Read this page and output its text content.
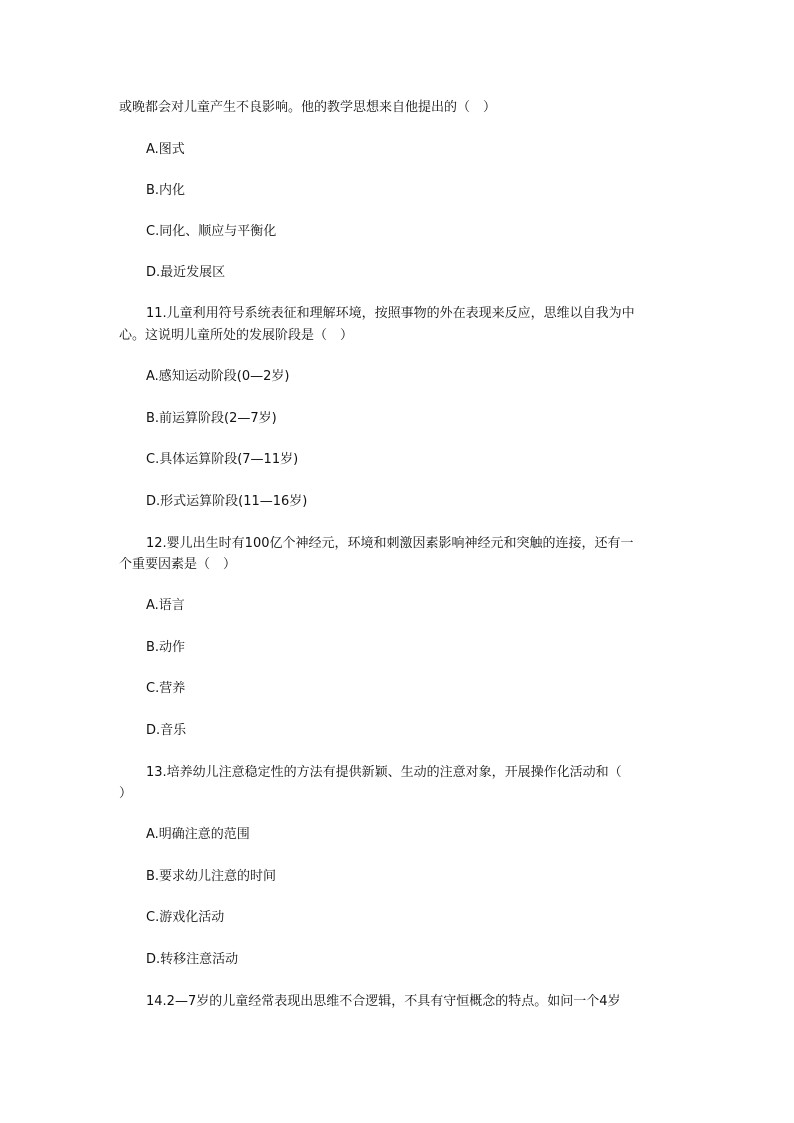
或晚都会对儿童产生不良影响。他的教学思想来自他提出的（　）
A.图式
B.内化
C.同化、顺应与平衡化
D.最近发展区
11.儿童利用符号系统表征和理解环境，按照事物的外在表现来反应，思维以自我为中
心。这说明儿童所处的发展阶段是（　）
A.感知运动阶段(0—2岁)
B.前运算阶段(2—7岁)
C.具体运算阶段(7—11岁)
D.形式运算阶段(11—16岁)
12.婴儿出生时有100亿个神经元，环境和刺激因素影响神经元和突触的连接，还有一
个重要因素是（　）
A.语言
B.动作
C.营养
D.音乐
13.培养幼儿注意稳定性的方法有提供新颖、生动的注意对象，开展操作化活动和（
）
A.明确注意的范围
B.要求幼儿注意的时间
C.游戏化活动
D.转移注意活动
14.2—7岁的儿童经常表现出思维不合逻辑，不具有守恒概念的特点。如问一个4岁
